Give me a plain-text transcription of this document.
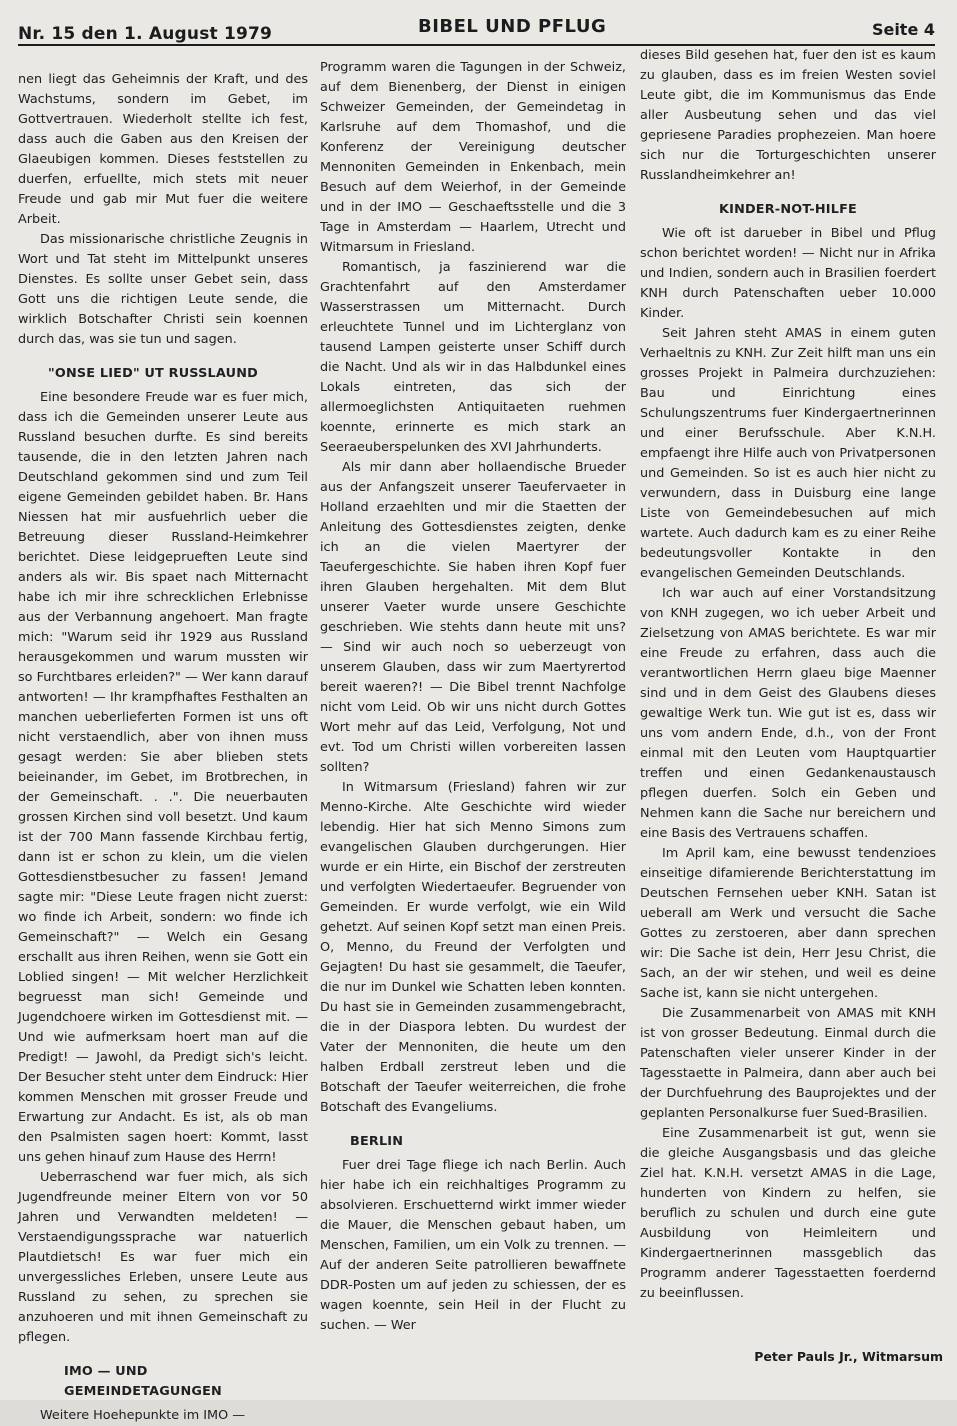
Nr. 15 den 1. August 1979	BIBEL UND PFLUG	Seite 4

nen liegt das Geheimnis der Kraft, und des Wachstums, sondern im Gebet, im Gottvertrauen. Wiederholt stellte ich fest, dass auch die Gaben aus den Kreisen der Glaeubigen kommen. Dieses feststellen zu duerfen, erfuellte, mich stets mit neuer Freude und gab mir Mut fuer die weitere Arbeit.

Das missionarische christliche Zeugnis in Wort und Tat steht im Mittelpunkt unseres Dienstes. Es sollte unser Gebet sein, dass Gott uns die richtigen Leute sende, die wirklich Botschafter Christi sein koennen durch das, was sie tun und sagen.

"ONSE LIED" UT RUSSLAUND

Eine besondere Freude war es fuer mich, dass ich die Gemeinden unserer Leute aus Russland besuchen durfte. Es sind bereits tausende, die in den letzten Jahren nach Deutschland gekommen sind und zum Teil eigene Gemeinden gebildet haben. Br. Hans Niessen hat mir ausfuehrlich ueber die Betreuung dieser Russland-Heimkehrer berichtet. Diese leidgeprueften Leute sind anders als wir. Bis spaet nach Mitternacht habe ich mir ihre schrecklichen Erlebnisse aus der Verbannung angehoert. Man fragte mich: "Warum seid ihr 1929 aus Russland herausgekommen und warum mussten wir so Furchtbares erleiden?" — Wer kann darauf antworten! — Ihr krampfhaftes Festhalten an manchen ueberlieferten Formen ist uns oft nicht verstaendlich, aber von ihnen muss gesagt werden: Sie aber blieben stets beieinander, im Gebet, im Brotbrechen, in der Gemeinschaft. . .". Die neuerbauten grossen Kirchen sind voll besetzt. Und kaum ist der 700 Mann fassende Kirchbau fertig, dann ist er schon zu klein, um die vielen Gottesdienstbesucher zu fassen! Jemand sagte mir: "Diese Leute fragen nicht zuerst: wo finde ich Arbeit, sondern: wo finde ich Gemeinschaft?" — Welch ein Gesang erschallt aus ihren Reihen, wenn sie Gott ein Loblied singen! — Mit welcher Herzlichkeit begruesst man sich! Gemeinde und Jugendchoere wirken im Gottesdienst mit. — Und wie aufmerksam hoert man auf die Predigt! — Jawohl, da Predigt sich's leicht. Der Besucher steht unter dem Eindruck: Hier kommen Menschen mit grosser Freude und Erwartung zur Andacht. Es ist, als ob man den Psalmisten sagen hoert: Kommt, lasst uns gehen hinauf zum Hause des Herrn!

Ueberraschend war fuer mich, als sich Jugendfreunde meiner Eltern von vor 50 Jahren und Verwandten meldeten! — Verstaendigungssprache war natuerlich Plautdietsch! Es war fuer mich ein unvergessliches Erleben, unsere Leute aus Russland zu sehen, zu sprechen sie anzuhoeren und mit ihnen Gemeinschaft zu pflegen.

IMO — UND GEMEINDETAGUNGEN

Weitere Hoehepunkte im IMO —

Programm waren die Tagungen in der Schweiz, auf dem Bienenberg, der Dienst in einigen Schweizer Gemeinden, der Gemeindetag in Karlsruhe auf dem Thomashof, und die Konferenz der Vereinigung deutscher Mennoniten Gemeinden in Enkenbach, mein Besuch auf dem Weierhof, in der Gemeinde und in der IMO — Geschaeftsstelle und die 3 Tage in Amsterdam — Haarlem, Utrecht und Witmarsum in Friesland.

Romantisch, ja faszinierend war die Grachtenfahrt auf den Amsterdamer Wasserstrassen um Mitternacht. Durch erleuchtete Tunnel und im Lichterglanz von tausend Lampen geisterte unser Schiff durch die Nacht. Und als wir in das Halbdunkel eines Lokals eintreten, das sich der allermoeglichsten Antiquitaeten ruehmen koennte, erinnerte es mich stark an Seeraeuberspelunken des XVI Jahrhunderts.

Als mir dann aber hollaendische Brueder aus der Anfangszeit unserer Taeufervaeter in Holland erzaehlten und mir die Staetten der Anleitung des Gottesdienstes zeigten, denke ich an die vielen Maertyrer der Taeufergeschichte. Sie haben ihren Kopf fuer ihren Glauben hergehalten. Mit dem Blut unserer Vaeter wurde unsere Geschichte geschrieben. Wie stehts dann heute mit uns? — Sind wir auch noch so ueberzeugt von unserem Glauben, dass wir zum Maertyrertod bereit waeren?! — Die Bibel trennt Nachfolge nicht vom Leid. Ob wir uns nicht durch Gottes Wort mehr auf das Leid, Verfolgung, Not und evt. Tod um Christi willen vorbereiten lassen sollten?

In Witmarsum (Friesland) fahren wir zur Menno-Kirche. Alte Geschichte wird wieder lebendig. Hier hat sich Menno Simons zum evangelischen Glauben durchgerungen. Hier wurde er ein Hirte, ein Bischof der zerstreuten und verfolgten Wiedertaeufer. Begruender von Gemeinden. Er wurde verfolgt, wie ein Wild gehetzt. Auf seinen Kopf setzt man einen Preis. O, Menno, du Freund der Verfolgten und Gejagten! Du hast sie gesammelt, die Taeufer, die nur im Dunkel wie Schatten leben konnten. Du hast sie in Gemeinden zusammengebracht, die in der Diaspora lebten. Du wurdest der Vater der Mennoniten, die heute um den halben Erdball zerstreut leben und die Botschaft der Taeufer weiterreichen, die frohe Botschaft des Evangeliums.

BERLIN

Fuer drei Tage fliege ich nach Berlin. Auch hier habe ich ein reichhaltiges Programm zu absolvieren. Erschuetternd wirkt immer wieder die Mauer, die Menschen gebaut haben, um Menschen, Familien, um ein Volk zu trennen. — Auf der anderen Seite patrollieren bewaffnete DDR-Posten um auf jeden zu schiessen, der es wagen koennte, sein Heil in der Flucht zu suchen. — Wer

dieses Bild gesehen hat, fuer den ist es kaum zu glauben, dass es im freien Westen soviel Leute gibt, die im Kommunismus das Ende aller Ausbeutung sehen und das viel gepriesene Paradies prophezeien. Man hoere sich nur die Torturgeschichten unserer Russlandheimkehrer an!

KINDER-NOT-HILFE

Wie oft ist darueber in Bibel und Pflug schon berichtet worden! — Nicht nur in Afrika und Indien, sondern auch in Brasilien foerdert KNH durch Patenschaften ueber 10.000 Kinder.

Seit Jahren steht AMAS in einem guten Verhaeltnis zu KNH. Zur Zeit hilft man uns ein grosses Projekt in Palmeira durchzuziehen: Bau und Einrichtung eines Schulungszentrums fuer Kindergaertnerinnen und einer Berufsschule. Aber K.N.H. empfaengt ihre Hilfe auch von Privatpersonen und Gemeinden. So ist es auch hier nicht zu verwundern, dass in Duisburg eine lange Liste von Gemeindebesuchen auf mich wartete. Auch dadurch kam es zu einer Reihe bedeutungsvoller Kontakte in den evangelischen Gemeinden Deutschlands.

Ich war auch auf einer Vorstandsitzung von KNH zugegen, wo ich ueber Arbeit und Zielsetzung von AMAS berichtete. Es war mir eine Freude zu erfahren, dass auch die verantwortlichen Herrn glaeu bige Maenner sind und in dem Geist des Glaubens dieses gewaltige Werk tun. Wie gut ist es, dass wir uns vom andern Ende, d.h., von der Front einmal mit den Leuten vom Hauptquartier treffen und einen Gedankenaustausch pflegen duerfen. Solch ein Geben und Nehmen kann die Sache nur bereichern und eine Basis des Vertrauens schaffen.

Im April kam, eine bewusst tendenzioes einseitige difamierende Berichterstattung im Deutschen Fernsehen ueber KNH. Satan ist ueberall am Werk und versucht die Sache Gottes zu zerstoeren, aber dann sprechen wir: Die Sache ist dein, Herr Jesu Christ, die Sach, an der wir stehen, und weil es deine Sache ist, kann sie nicht untergehen.

Die Zusammenarbeit von AMAS mit KNH ist von grosser Bedeutung. Einmal durch die Patenschaften vieler unserer Kinder in der Tagesstaette in Palmeira, dann aber auch bei der Durchfuehrung des Bauprojektes und der geplanten Personalkurse fuer Sued-Brasilien.

Eine Zusammenarbeit ist gut, wenn sie die gleiche Ausgangsbasis und das gleiche Ziel hat. K.N.H. versetzt AMAS in die Lage, hunderten von Kindern zu helfen, sie beruflich zu schulen und durch eine gute Ausbildung von Heimleitern und Kindergaertnerinnen massgeblich das Programm anderer Tagesstaetten foerdernd zu beeinflussen.

Peter Pauls Jr., Witmarsum
